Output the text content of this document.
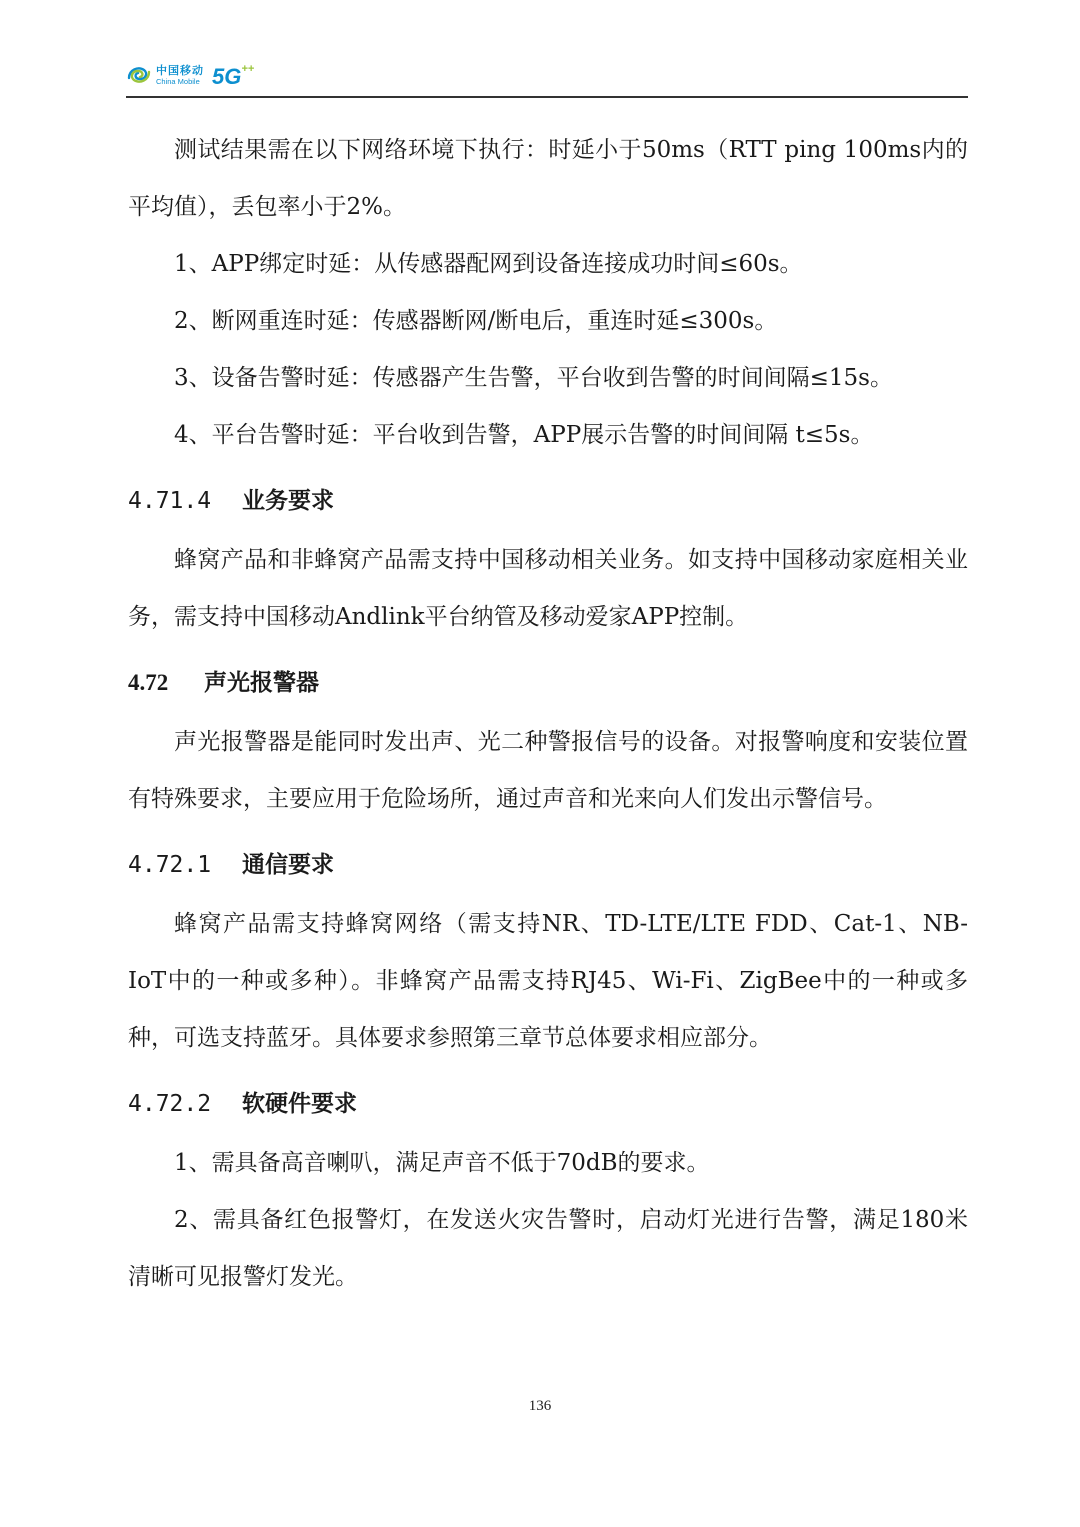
中国移动
China Mobile 5G++

测试结果需在以下网络环境下执行：时延小于50ms（RTT ping 100ms内的平均值），丢包率小于2%。

1、APP绑定时延：从传感器配网到设备连接成功时间≤60s。

2、断网重连时延：传感器断网/断电后，重连时延≤300s。

3、设备告警时延：传感器产生告警，平台收到告警的时间间隔≤15s。

4、平台告警时延：平台收到告警，APP展示告警的时间间隔 t≤5s。

4.71.4 业务要求

蜂窝产品和非蜂窝产品需支持中国移动相关业务。如支持中国移动家庭相关业务，需支持中国移动Andlink平台纳管及移动爱家APP控制。

4.72 声光报警器

声光报警器是能同时发出声、光二种警报信号的设备。对报警响度和安装位置有特殊要求，主要应用于危险场所，通过声音和光来向人们发出示警信号。

4.72.1 通信要求

蜂窝产品需支持蜂窝网络（需支持NR、TD-LTE/LTE FDD、Cat-1、NB-IoT中的一种或多种）。非蜂窝产品需支持RJ45、Wi-Fi、ZigBee中的一种或多种，可选支持蓝牙。具体要求参照第三章节总体要求相应部分。

4.72.2 软硬件要求

1、需具备高音喇叭，满足声音不低于70dB的要求。

2、需具备红色报警灯，在发送火灾告警时，启动灯光进行告警，满足180米清晰可见报警灯发光。

136
